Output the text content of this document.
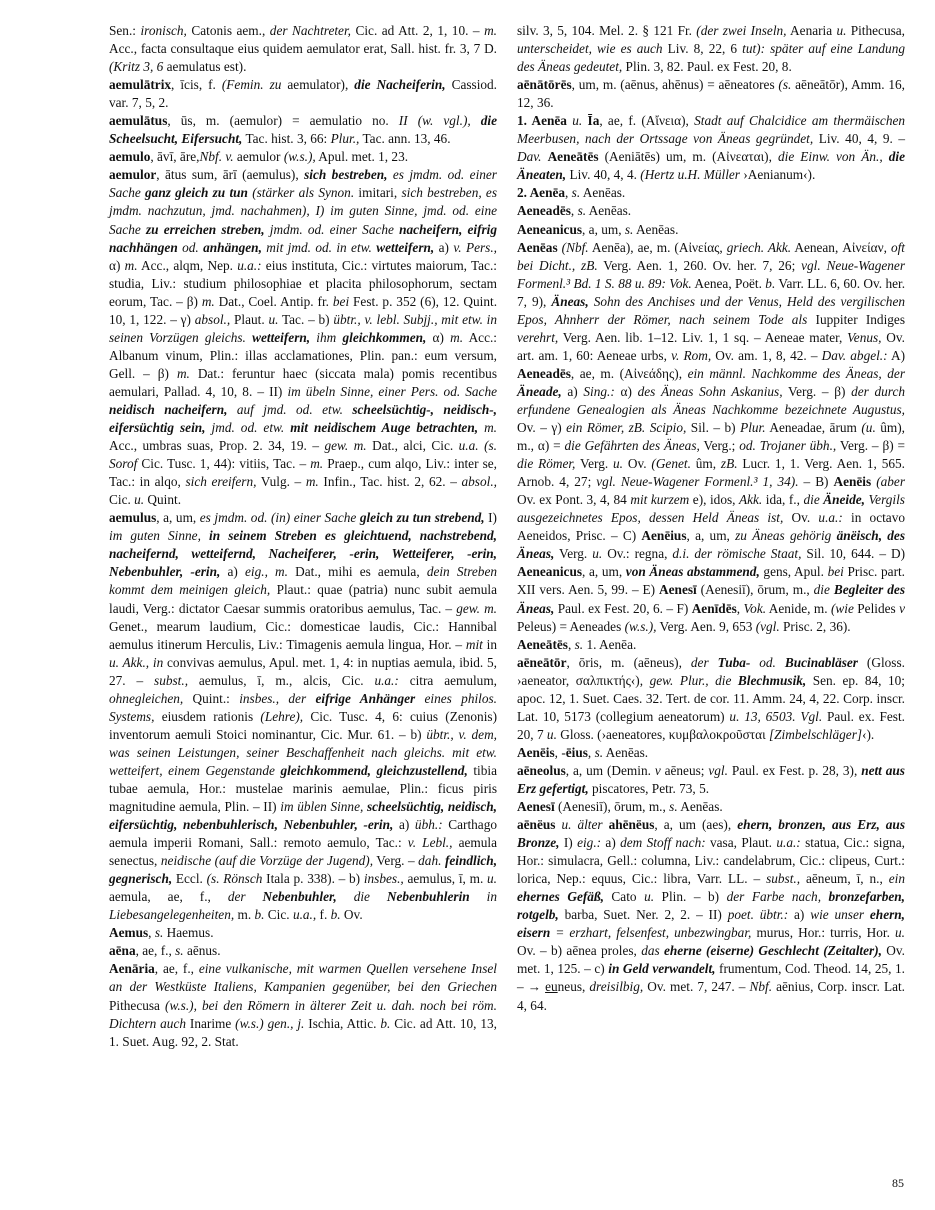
Sen.: ironisch, Catonis aem., der Nachtreter, Cic. ad Att. 2, 1, 10. – m. Acc., facta consultaque eius quidem aemulator erat, Sall. hist. fr. 3, 7 D. (Kritz 3, 6 aemulatus est).

aemulātrix, īcis, f. (Femin. zu aemulator), die Nacheiferin, Cassiod. var. 7, 5, 2.

aemulātus, ūs, m. (aemulor) = aemulatio no. II (w. vgl.), die Scheelsucht, Eifersucht, Tac. hist. 3, 66: Plur., Tac. ann. 13, 46.

aemulo, āvī, āre,Nbf. v. aemulor (w.s.), Apul. met. 1, 23.

aemulor, ātus sum, ārī (aemulus), sich bestreben, es jmdm. od. einer Sache ganz gleich zu tun (stärker als Synon. imitari, sich bestreben, es jmdm. nachzutun, jmd. nachahmen), I) im guten Sinne, jmd. od. eine Sache zu erreichen streben, jmdm. od. einer Sache nacheifern, eifrig nachhängen od. anhängen, mit jmd. od. in etw. wetteifern, a) v. Pers., α) m. Acc., alqm, Nep. u.a.: eius instituta, Cic.: virtutes maiorum, Tac.: studia, Liv.: studium philosophiae et placita philosophorum, sectam eorum, Tac. – β) m. Dat., Coel. Antip. fr. bei Fest. p. 352 (6), 12. Quint. 10, 1, 122. – γ) absol., Plaut. u. Tac. – b) übtr., v. lebl. Subjj., mit etw. in seinen Vorzügen gleichs. wetteifern, ihm gleichkommen, α) m. Acc.: Albanum vinum, Plin.: illas acclamationes, Plin. pan.: eum versum, Gell. – β) m. Dat.: feruntur haec (siccata mala) pomis recentibus aemulari, Pallad. 4, 10, 8. – II) im übeln Sinne, einer Pers. od. Sache neidisch nacheifern, auf jmd. od. etw. scheelsüchtig-, neidisch-, eifersüchtig sein, jmd. od. etw. mit neidischem Auge betrachten, m. Acc., umbras suas, Prop. 2. 34, 19. – gew. m. Dat., alci, Cic. u.a. (s. Sorof Cic. Tusc. 1, 44): vitiis, Tac. – m. Praep., cum alqo, Liv.: inter se, Tac.: in alqo, sich ereifern, Vulg. – m. Infin., Tac. hist. 2, 62. – absol., Cic. u. Quint.

aemulus, a, um, es jmdm. od. (in) einer Sache gleich zu tun strebend, I) im guten Sinne, in seinem Streben es gleichtuend, nachstrebend, nacheifernd, wetteifernd, Nacheiferer, -erin, Wetteiferer, -erin, Nebenbuhler, -erin, a) eig., m. Dat., mihi es aemula, dein Streben kommt dem meinigen gleich, Plaut.: quae (patria) nunc subit aemula laudi, Verg.: dictator Caesar summis oratoribus aemulus, Tac. – gew. m. Genet., mearum laudium, Cic.: domesticae laudis, Cic.: Hannibal aemulus itinerum Herculis, Liv.: Timagenis aemula lingua, Hor. – mit in u. Akk., in convivas aemulus, Apul. met. 1, 4: in nuptias aemula, ibid. 5, 27. – subst., aemulus, ī, m., alcis, Cic. u.a.: citra aemulum, ohnegleichen, Quint.: insbes., der eifrige Anhänger eines philos. Systems, eiusdem rationis (Lehre), Cic. Tusc. 4, 6: cuius (Zenonis) inventorum aemuli Stoici nominantur, Cic. Mur. 61. – b) übtr., v. dem, was seinen Leistungen, seiner Beschaffenheit nach gleichs. mit etw. wetteifert, einem Gegenstande gleichkommend, gleichzustellend, tibia tubae aemula, Hor.: mustelae marinis aemulae, Plin.: ficus piris magnitudine aemula, Plin. – II) im üblen Sinne, scheelsüchtig, neidisch, eifersüchtig, nebenbuhlerisch, Nebenbuhler, -erin, a) übh.: Carthago aemula imperii Romani, Sall.: remoto aemulo, Tac.: v. Lebl., aemula senectus, neidische (auf die Vorzüge der Jugend), Verg. – dah. feindlich, gegnerisch, Eccl. (s. Rönsch Itala p. 338). – b) insbes., aemulus, ī, m. u. aemula, ae, f., der Nebenbuhler, die Nebenbuhlerin in Liebesangelegenheiten, m. b. Cic. u.a., f. b. Ov.

Aemus, s. Haemus.

aēna, ae, f., s. aēnus.

Aenāria, ae, f., eine vulkanische, mit warmen Quellen versehene Insel an der Westküste Italiens, Kampanien gegenüber, bei den Griechen Pithecusa (w.s.), bei den Römern in älterer Zeit u. dah. noch bei röm. Dichtern auch Inarime (w.s.) gen., j. Ischia, Attic. b. Cic. ad Att. 10, 13, 1. Suet. Aug. 92, 2. Stat.

silv. 3, 5, 104. Mel. 2. § 121 Fr. (der zwei Inseln, Aenaria u. Pithecusa, unterscheidet, wie es auch Liv. 8, 22, 6 tut): später auf eine Landung des Äneas gedeutet, Plin. 3, 82. Paul. ex Fest. 20, 8.

aēnātōrēs, um, m. (aēnus, ahēnus) = aēneatores (s. aēneātōr), Amm. 16, 12, 36.

1. Aenēa u. Īa, ae, f. (Αἴνεια), Stadt auf Chalcidice am thermäischen Meerbusen, nach der Ortssage von Äneas gegründet, Liv. 40, 4, 9. – Dav. Aeneātēs (Aeniātēs) um, m. (Αἰνεαται), die Einw. von Än., die Äneaten, Liv. 40, 4, 4. (Hertz u.H. Müller ›Aenianum‹).

2. Aenēa, s. Aenēas.

Aeneadēs, s. Aenēas.

Aeneanicus, a, um, s. Aenēas.

Aenēas (Nbf. Aenēa), ae, m. (Αἰνείας, griech. Akk. Aenean, Αἰνείαν, oft bei Dicht., zB. Verg. Aen. 1, 260. Ov. her. 7, 26; vgl. Neue-Wagener Formenl.³ Bd. 1 S. 88 u. 89: Vok. Aenea, Poët. b. Varr. LL. 6, 60. Ov. her. 7, 9), Äneas, Sohn des Anchises und der Venus, Held des vergilischen Epos, Ahnherr der Römer, nach seinem Tode als Iuppiter Indiges verehrt, Verg. Aen. lib. 1–12. Liv. 1, 1 sq. – Aeneae mater, Venus, Ov. art. am. 1, 60: Aeneae urbs, v. Rom, Ov. am. 1, 8, 42. – Dav. abgel.: A) Aeneadēs, ae, m. (Αἰνεάδης), ein männl. Nachkomme des Äneas, der Äneade, a) Sing.: α) des Äneas Sohn Askanius, Verg. – β) der durch erfundene Genealogien als Äneas Nachkomme bezeichnete Augustus, Ov. – γ) ein Römer, zB. Scipio, Sil. – b) Plur. Aeneadae, ārum (u. ûm), m., α) = die Gefährten des Äneas, Verg.; od. Trojaner übh., Verg. – β) = die Römer, Verg. u. Ov. (Genet. ûm, zB. Lucr. 1, 1. Verg. Aen. 1, 565. Arnob. 4, 27; vgl. Neue-Wagener Formenl.³ 1, 34). – B) Aenēis (aber Ov. ex Pont. 3, 4, 84 mit kurzem e), idos, Akk. ida, f., die Äneide, Vergils ausgezeichnetes Epos, dessen Held Äneas ist, Ov. u.a.: in octavo Aeneidos, Prisc. – C) Aenēius, a, um, zu Äneas gehörig änëisch, des Äneas, Verg. u. Ov.: regna, d.i. der römische Staat, Sil. 10, 644. – D) Aeneanicus, a, um, von Äneas abstammend, gens, Apul. bei Prisc. part. XII vers. Aen. 5, 99. – E) Aenesī (Aenesiī), ōrum, m., die Begleiter des Äneas, Paul. ex Fest. 20, 6. – F) Aenīdēs, Vok. Aenide, m. (wie Pelides v Peleus) = Aeneades (w.s.), Verg. Aen. 9, 653 (vgl. Prisc. 2, 36).

Aeneātēs, s. 1. Aenēa.

aēneātōr, ōris, m. (aēneus), der Tuba- od. Bucinabläser (Gloss. ›aeneator, σαλπικτής‹), gew. Plur., die Blechmusik, Sen. ep. 84, 10; apoc. 12, 1. Suet. Caes. 32. Tert. de cor. 11. Amm. 24, 4, 22. Corp. inscr. Lat. 10, 5173 (collegium aeneatorum) u. 13, 6503. Vgl. Paul. ex. Fest. 20, 7 u. Gloss. (›aeneatores, κυμβαλοκροῦσται [Zimbelschläger]‹).

Aenēis, -ēius, s. Aenēas.

aēneolus, a, um (Demin. v aēneus; vgl. Paul. ex Fest. p. 28, 3), nett aus Erz gefertigt, piscatores, Petr. 73, 5.

Aenesī (Aenesiī), ōrum, m., s. Aenēas.

aēnëus u. älter ahēnëus, a, um (aes), ehern, bronzen, aus Erz, aus Bronze, I) eig.: a) dem Stoff nach: vasa, Plaut. u.a.: statua, Cic.: signa, Hor.: simulacra, Gell.: columna, Liv.: candelabrum, Cic.: clipeus, Curt.: lorica, Nep.: equus, Cic.: libra, Varr. LL. – subst., aēneum, ī, n., ein ehernes Gefäß, Cato u. Plin. – b) der Farbe nach, bronzefarben, rotgelb, barba, Suet. Ner. 2, 2. – II) poet. übtr.: a) wie unser ehern, eisern = erzhart, felsenfest, unbezwingbar, murus, Hor.: turris, Hor. u. Ov. – b) aēnea proles, das eherne (eiserne) Geschlecht (Zeitalter), Ov. met. 1, 125. – c) in Geld verwandelt, frumentum, Cod. Theod. 14, 25, 1. – → euneus, dreisilbig, Ov. met. 7, 247. – Nbf. aēnius, Corp. inscr. Lat. 4, 64.

85
